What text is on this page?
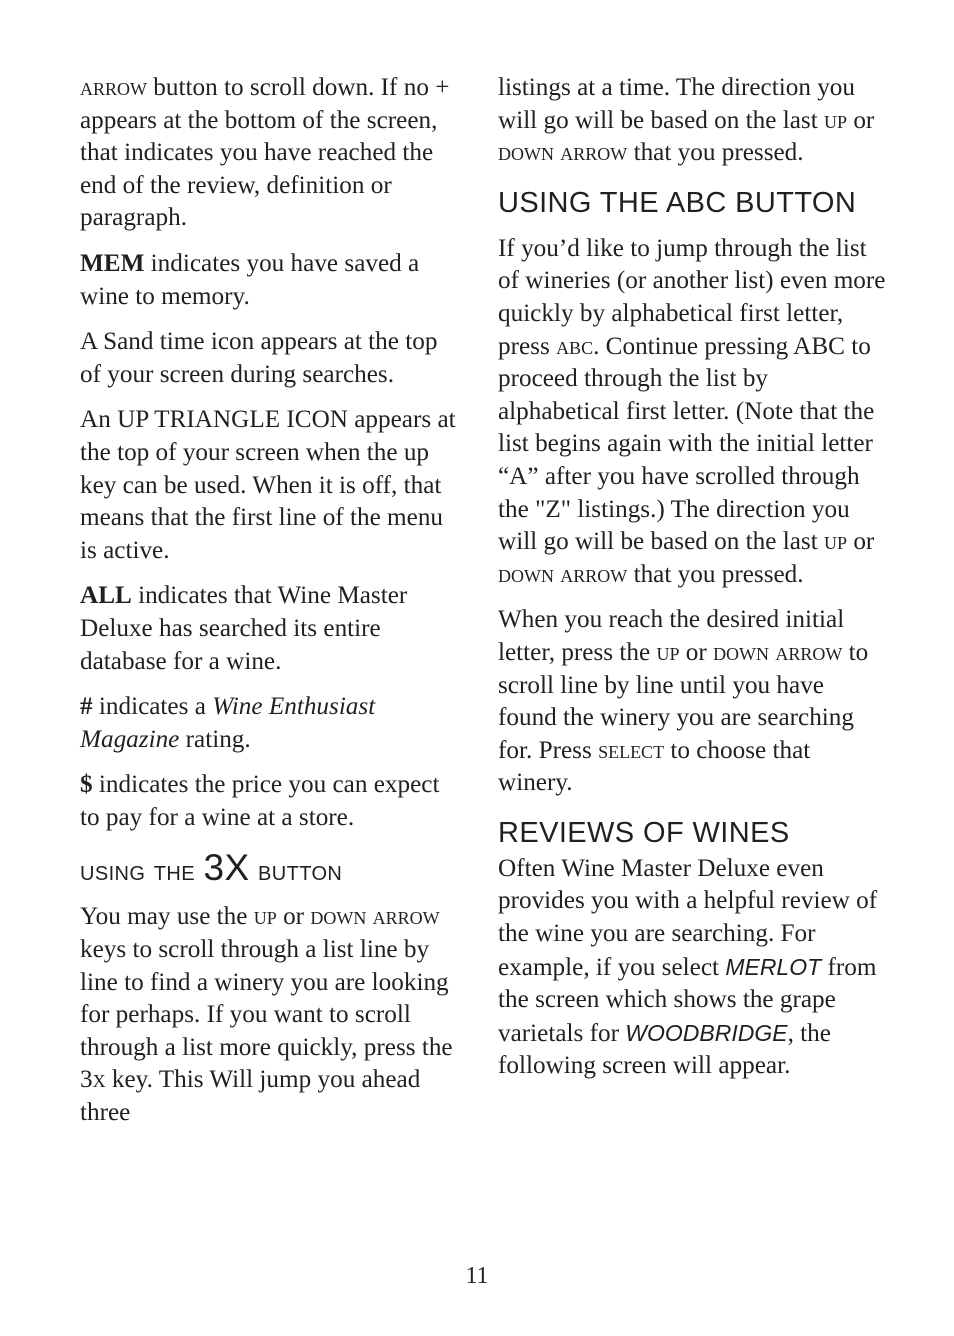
arrow button to scroll down. If no + appears at the bottom of the screen, that indicates you have reached the end of the review, definition or paragraph.

MEM indicates you have saved a wine to memory.

A Sand time icon appears at the top of your screen during searches.

An UP TRIANGLE ICON appears at the top of your screen when the up key can be used. When it is off, that means that the first line of the menu is active.

ALL indicates that Wine Master Deluxe has searched its entire database for a wine.

# indicates a Wine Enthusiast Magazine rating.

$ indicates the price you can expect to pay for a wine at a store.

using the 3X button

You may use the up or down arrow keys to scroll through a list line by line to find a winery you are looking for perhaps. If you want to scroll through a list more quickly, press the 3x key. This Will jump you ahead three

listings at a time. The direction you will go will be based on the last up or down arrow that you pressed.

USING THE ABC BUTTON

If you’d like to jump through the list of wineries (or another list) even more quickly by alphabetical first letter, press abc. Continue pressing ABC to proceed through the list by alphabetical first letter. (Note that the list begins again with the initial letter “A” after you have scrolled through the "Z" listings.) The direction you will go will be based on the last up or down arrow that you pressed.

When you reach the desired initial letter, press the up or down arrow to scroll line by line until you have found the winery you are searching for. Press select to choose that winery.

REVIEWS OF WINES

Often Wine Master Deluxe even provides you with a helpful review of the wine you are searching. For example, if you select MERLOT from the screen which shows the grape varietals for WOODBRIDGE, the following screen will appear.

11
